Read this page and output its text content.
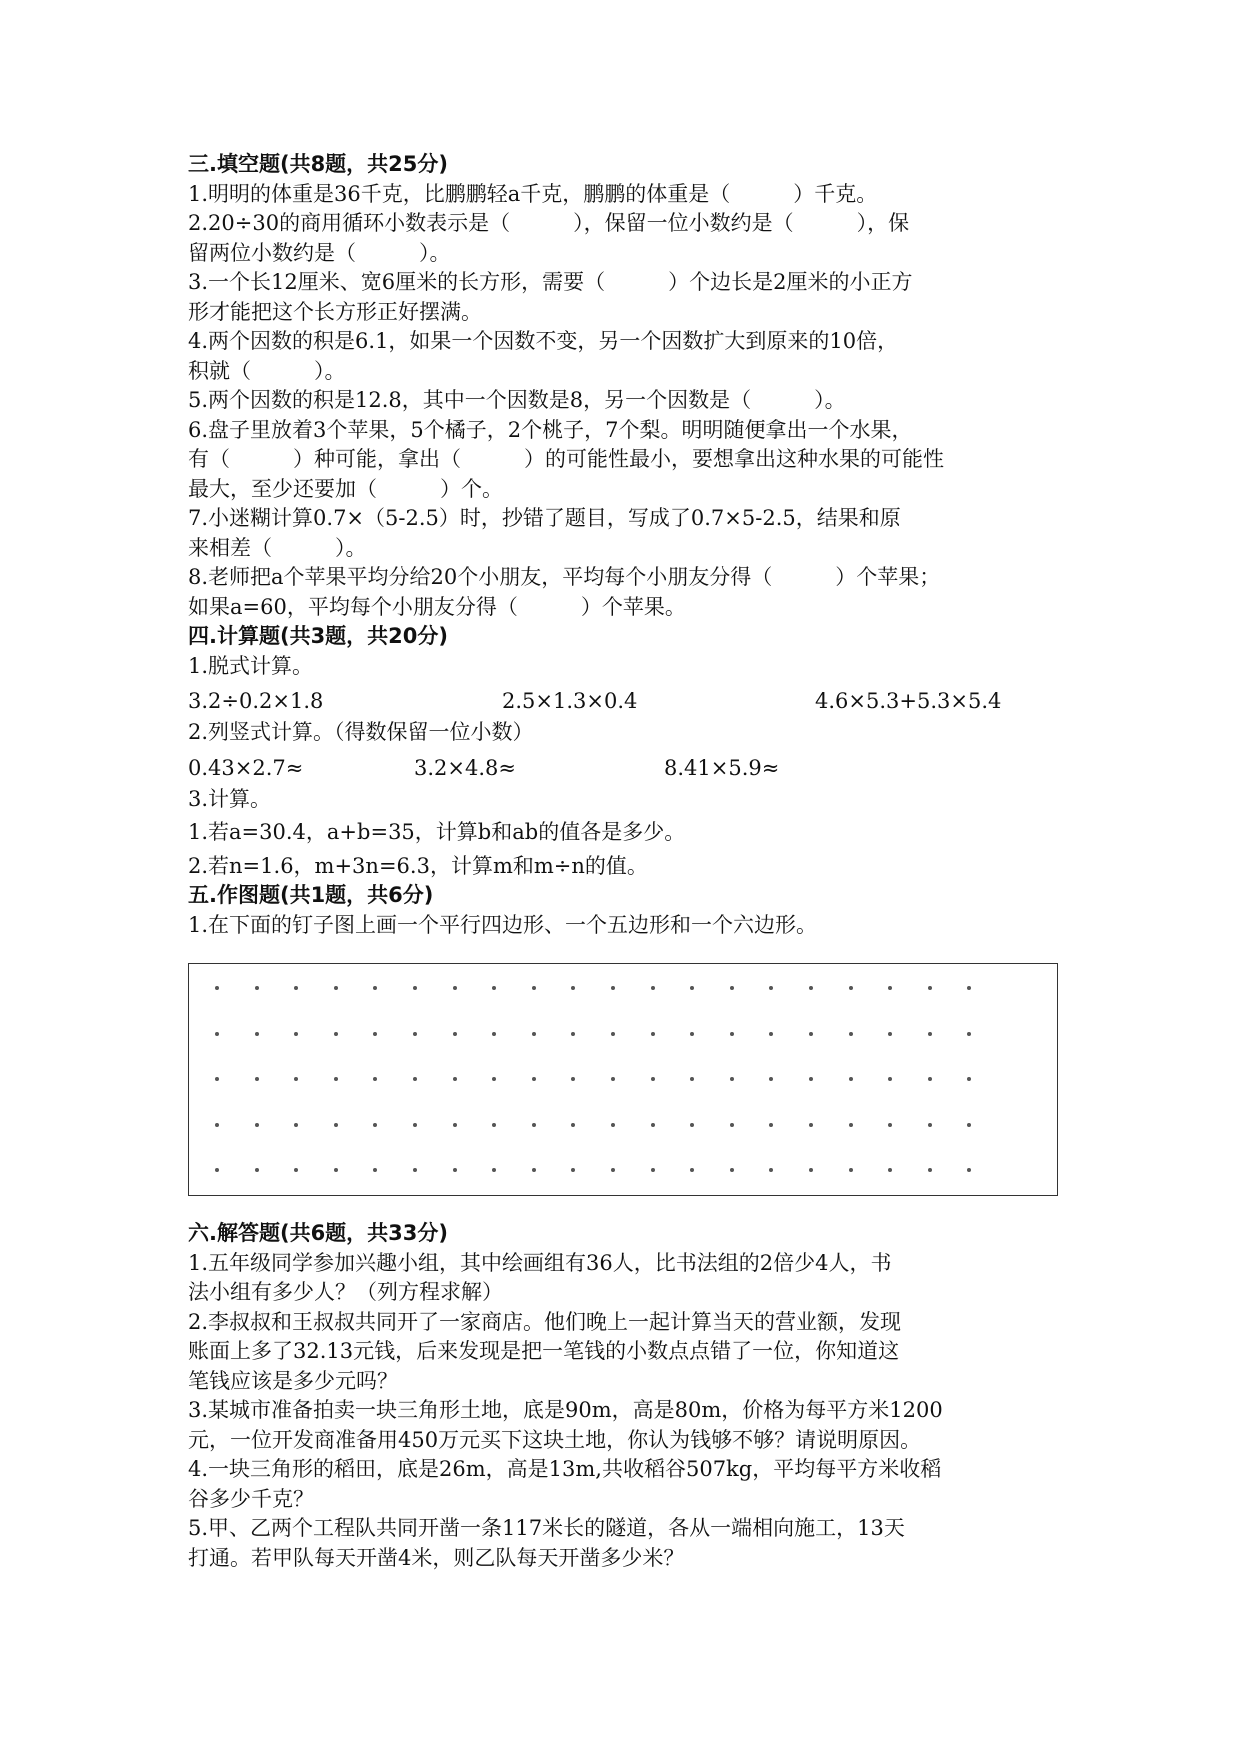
三.填空题(共8题，共25分)

1.明明的体重是36千克，比鹏鹏轻a千克，鹏鹏的体重是（　　　）千克。

2.20÷30的商用循环小数表示是（　　　），保留一位小数约是（　　　），保

留两位小数约是（　　　）。

3.一个长12厘米、宽6厘米的长方形，需要（　　　）个边长是2厘米的小正方

形才能把这个长方形正好摆满。

4.两个因数的积是6.1，如果一个因数不变，另一个因数扩大到原来的10倍，

积就（　　　）。

5.两个因数的积是12.8，其中一个因数是8，另一个因数是（　　　）。

6.盘子里放着3个苹果，5个橘子，2个桃子，7个梨。明明随便拿出一个水果，

有（　　　）种可能，拿出（　　　）的可能性最小，要想拿出这种水果的可能性

最大，至少还要加（　　　）个。

7.小迷糊计算0.7×（5-2.5）时，抄错了题目，写成了0.7×5-2.5，结果和原

来相差（　　　）。

8.老师把a个苹果平均分给20个小朋友，平均每个小朋友分得（　　　）个苹果；

如果a=60，平均每个小朋友分得（　　　）个苹果。

四.计算题(共3题，共20分)

1.脱式计算。

3.2÷0.2×1.8	2.5×1.3×0.4	4.6×5.3+5.3×5.4

2.列竖式计算。（得数保留一位小数）

0.43×2.7≈	3.2×4.8≈	8.41×5.9≈

3.计算。

1.若a=30.4，a+b=35，计算b和ab的值各是多少。

2.若n=1.6，m+3n=6.3，计算m和m÷n的值。

五.作图题(共1题，共6分)

1.在下面的钉子图上画一个平行四边形、一个五边形和一个六边形。

六.解答题(共6题，共33分)

1.五年级同学参加兴趣小组，其中绘画组有36人，比书法组的2倍少4人，书

法小组有多少人？（列方程求解）

2.李叔叔和王叔叔共同开了一家商店。他们晚上一起计算当天的营业额，发现

账面上多了32.13元钱，后来发现是把一笔钱的小数点点错了一位，你知道这

笔钱应该是多少元吗？

3.某城市准备拍卖一块三角形土地，底是90m，高是80m，价格为每平方米1200

元，一位开发商准备用450万元买下这块土地，你认为钱够不够？请说明原因。

4.一块三角形的稻田，底是26m，高是13m,共收稻谷507kg，平均每平方米收稻

谷多少千克？

5.甲、乙两个工程队共同开凿一条117米长的隧道，各从一端相向施工，13天

打通。若甲队每天开凿4米，则乙队每天开凿多少米？
